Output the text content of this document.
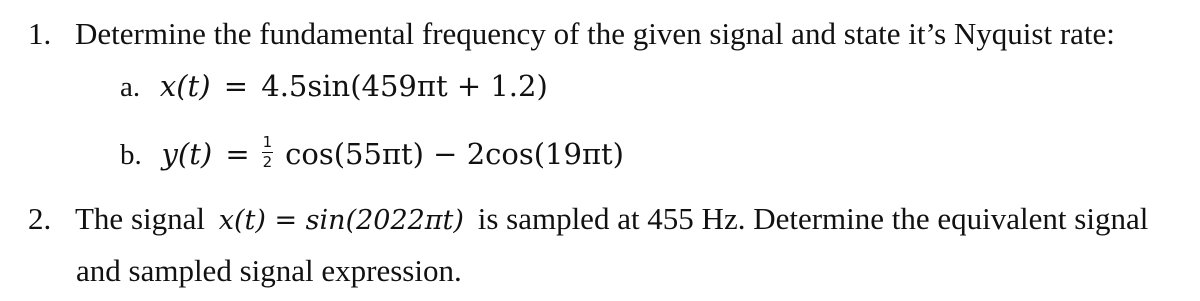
1. Determine the fundamental frequency of the given signal and state it’s Nyquist rate:
a. x(t) = 4.5sin(459πt + 1.2)
b. $y(t) = \frac{1}{2} \cos(55\pi t) - 2\cos(19\pi t)$
2. The signal x(t) = sin(2022πt) is sampled at 455 Hz. Determine the equivalent signal
and sampled signal expression.
